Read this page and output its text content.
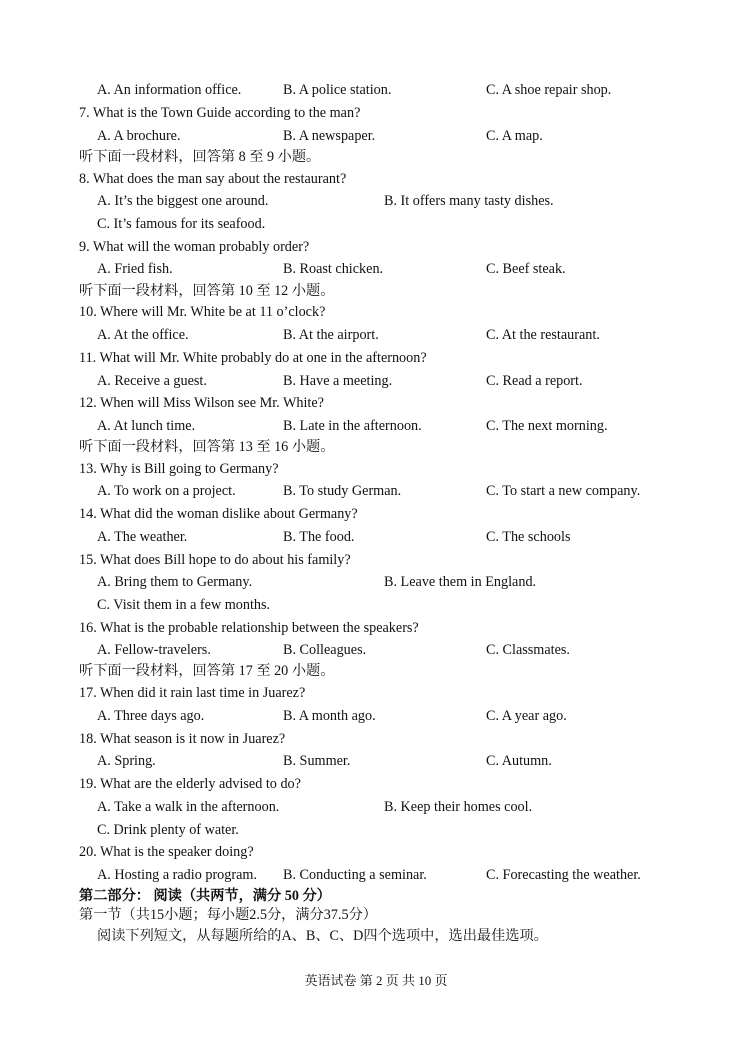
A. An information office.	B. A police station.	C. A shoe repair shop.
7. What is the Town Guide according to the man?
A. A brochure.	B. A newspaper.	C. A map.
听下面一段材料，回答第 8 至 9 小题。
8. What does the man say about the restaurant?
A. It’s the biggest one around.	B. It offers many tasty dishes.
C. It’s famous for its seafood.
9. What will the woman probably order?
A. Fried fish.	B. Roast chicken.	C. Beef steak.
听下面一段材料，回答第 10 至 12 小题。
10. Where will Mr. White be at 11 o’clock?
A. At the office.	B. At the airport.	C. At the restaurant.
11. What will Mr. White probably do at one in the afternoon?
A. Receive a guest.	B. Have a meeting.	C. Read a report.
12. When will Miss Wilson see Mr. White?
A. At lunch time.	B. Late in the afternoon.	C. The next morning.
听下面一段材料，回答第 13 至 16 小题。
13. Why is Bill going to Germany?
A. To work on a project.	B. To study German.	C. To start a new company.
14. What did the woman dislike about Germany?
A. The weather.	B. The food.	C. The schools
15. What does Bill hope to do about his family?
A. Bring them to Germany.	B. Leave them in England.
C. Visit them in a few months.
16. What is the probable relationship between the speakers?
A. Fellow-travelers.	B. Colleagues.	C. Classmates.
听下面一段材料，回答第 17 至 20 小题。
17. When did it rain last time in Juarez?
A. Three days ago.	B. A month ago.	C. A year ago.
18. What season is it now in Juarez?
A. Spring.	B. Summer.	C. Autumn.
19. What are the elderly advised to do?
A. Take a walk in the afternoon.	B. Keep their homes cool.
C. Drink plenty of water.
20. What is the speaker doing?
A. Hosting a radio program. B. Conducting a seminar.	C. Forecasting the weather.
第二部分： 阅读（共两节，满分 50 分）
第一节（共15小题；每小题2.5分，满分37.5分）
阅读下列短文，从每题所给的A、B、C、D四个选项中，选出最佳选项。
英语试卷 第 2 页 共 10 页
